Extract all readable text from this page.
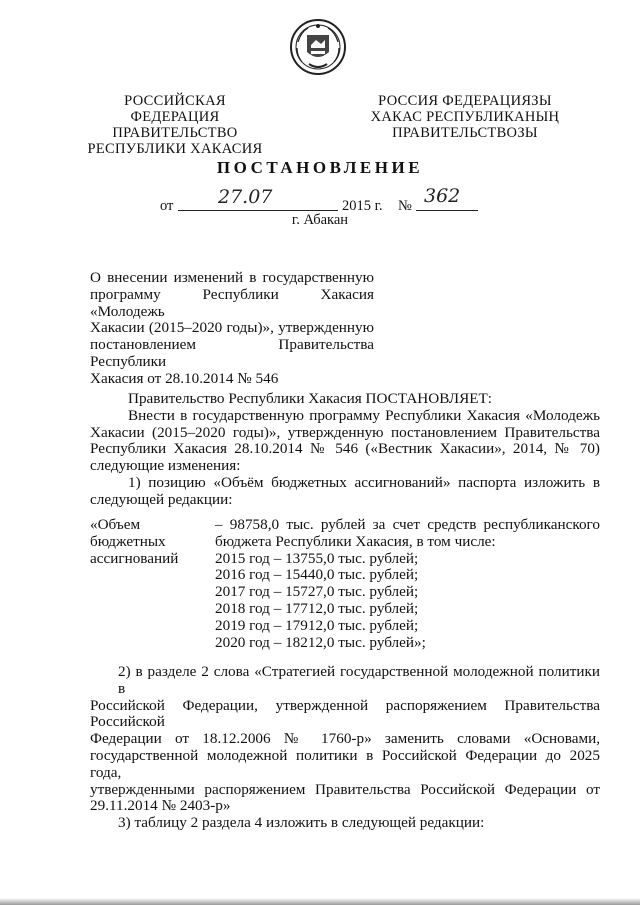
РОССИЙСКАЯ ФЕДЕРАЦИЯ
ПРАВИТЕЛЬСТВО
РЕСПУБЛИКИ ХАКАСИЯ
РОССИЯ ФЕДЕРАЦИЯЗЫ
ХАКАС РЕСПУБЛИКАНЫҢ
ПРАВИТЕЛЬСТВОЗЫ
ПОСТАНОВЛЕНИЕ
от 27.07	2015 г. № 362
г. Абакан
О внесении изменений в государственную
программу Республики Хакасия «Молодежь
Хакасии (2015–2020 годы)», утвержденную
постановлением Правительства Республики
Хакасия от 28.10.2014 № 546
Правительство Республики Хакасия ПОСТАНОВЛЯЕТ:
Внести в государственную программу Республики Хакасия «Молодежь
Хакасии (2015–2020 годы)», утвержденную постановлением Правительства
Республики Хакасия 28.10.2014 № 546 («Вестник Хакасии», 2014, № 70)
следующие изменения:
1) позицию «Объём бюджетных ассигнований» паспорта изложить в
следующей редакции:
«Объем
бюджетных
ассигнований
– 98758,0 тыс. рублей за счет средств республиканского
бюджета Республики Хакасия, в том числе:
2015 год – 13755,0 тыс. рублей;
2016 год – 15440,0 тыс. рублей;
2017 год – 15727,0 тыс. рублей;
2018 год – 17712,0 тыс. рублей;
2019 год – 17912,0 тыс. рублей;
2020 год – 18212,0 тыс. рублей»;
2) в разделе 2 слова «Стратегией государственной молодежной политики в
Российской Федерации, утвержденной распоряжением Правительства Российской
Федерации от 18.12.2006 № 1760-р» заменить словами «Основами,
государственной молодежной политики в Российской Федерации до 2025 года,
утвержденными распоряжением Правительства Российской Федерации от
29.11.2014 № 2403-р»
3) таблицу 2 раздела 4 изложить в следующей редакции:
